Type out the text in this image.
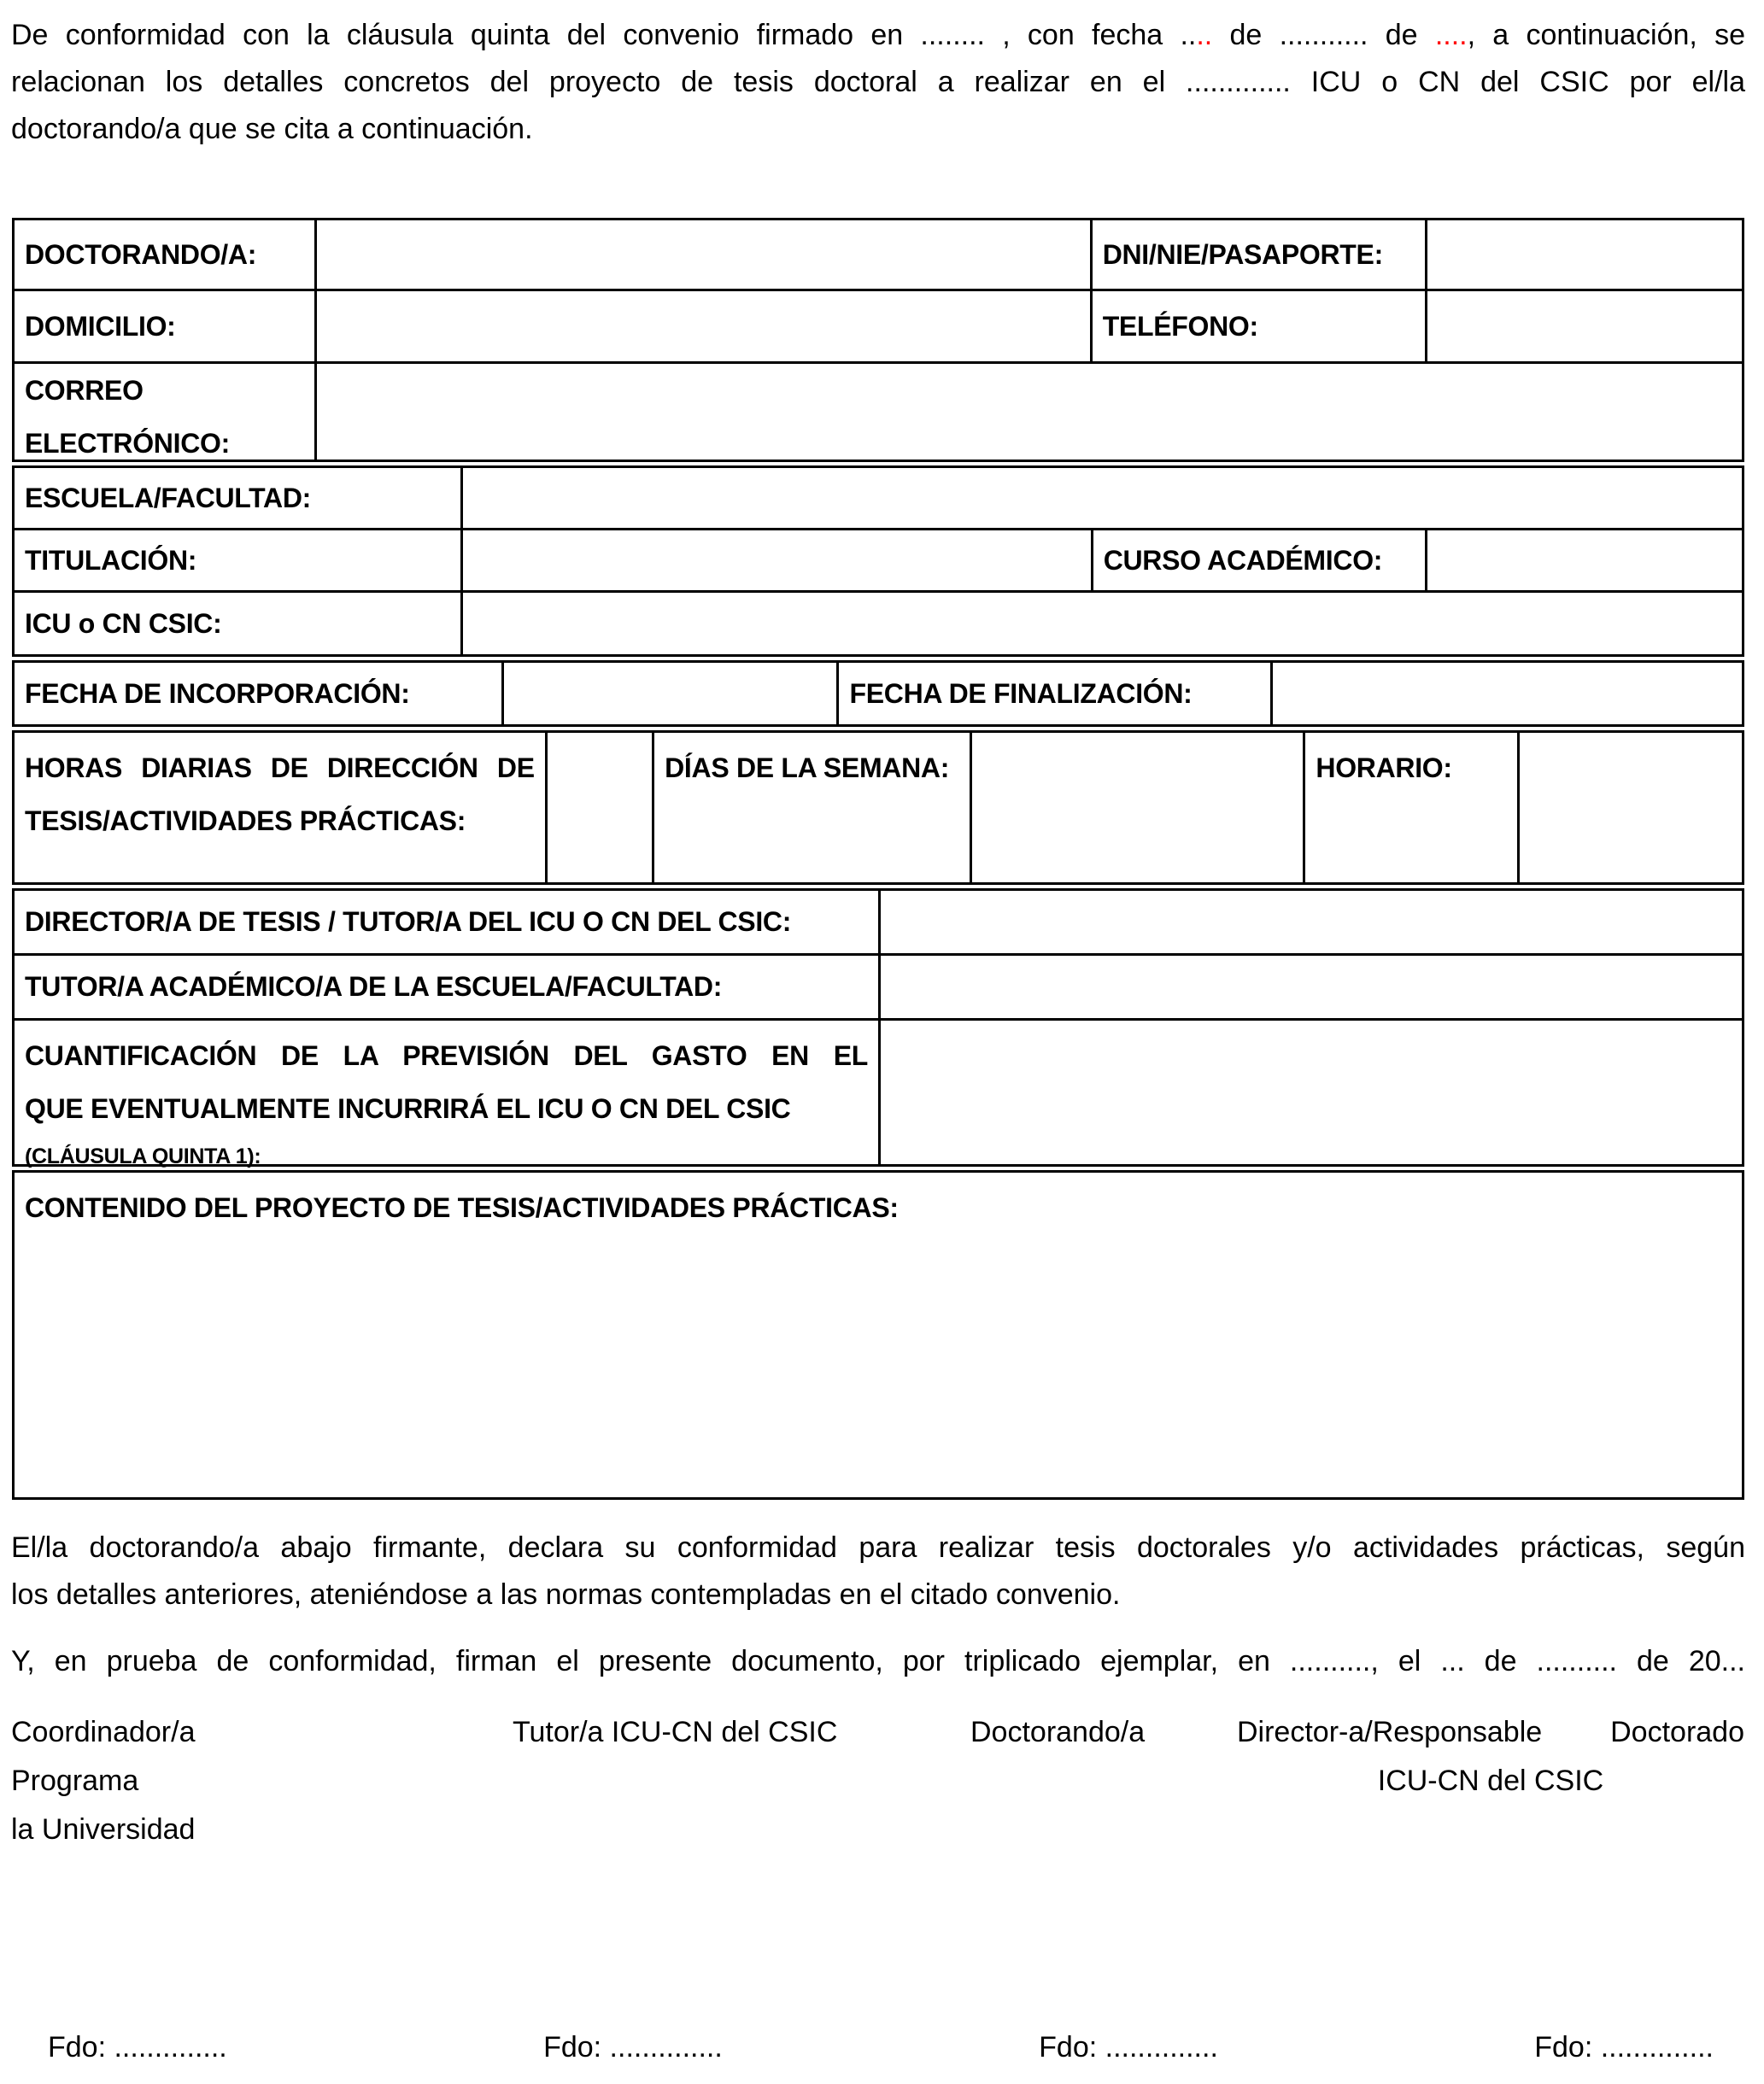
De conformidad con la cláusula quinta del convenio firmado en ........ , con fecha .... de ........... de ...., a continuación, se
relacionan los detalles concretos del proyecto de tesis doctoral a realizar en el ............. ICU o CN del CSIC por el/la
doctorando/a que se cita a continuación.
DOCTORANDO/A:	DNI/NIE/PASAPORTE:
DOMICILIO:	TELÉFONO:
CORREO
ELECTRÓNICO:
ESCUELA/FACULTAD:
TITULACIÓN:	CURSO ACADÉMICO:
ICU o CN CSIC:
FECHA DE INCORPORACIÓN:	FECHA DE FINALIZACIÓN:
HORAS DIARIAS DE DIRECCIÓN DE
TESIS/ACTIVIDADES PRÁCTICAS:
DÍAS DE LA SEMANA:	HORARIO:
DIRECTOR/A DE TESIS / TUTOR/A DEL ICU O CN DEL CSIC:
TUTOR/A ACADÉMICO/A DE LA ESCUELA/FACULTAD:
CUANTIFICACIÓN DE LA PREVISIÓN DEL GASTO EN EL
QUE EVENTUALMENTE INCURRIRÁ EL ICU O CN DEL CSIC
(CLÁUSULA QUINTA 1):
CONTENIDO DEL PROYECTO DE TESIS/ACTIVIDADES PRÁCTICAS:
El/la doctorando/a abajo firmante, declara su conformidad para realizar tesis doctorales y/o actividades prácticas, según
los detalles anteriores, ateniéndose a las normas contempladas en el citado convenio.
Y, en prueba de conformidad, firman el presente documento, por triplicado ejemplar, en .........., el ... de .......... de 20...
Coordinador/a Programa
la Universidad
Tutor/a ICU-CN del CSIC	Doctorando/a	Director-a/Responsable Doctorado
ICU-CN del CSIC
Fdo: ..............	Fdo: ..............	Fdo: ..............	Fdo: ..............
